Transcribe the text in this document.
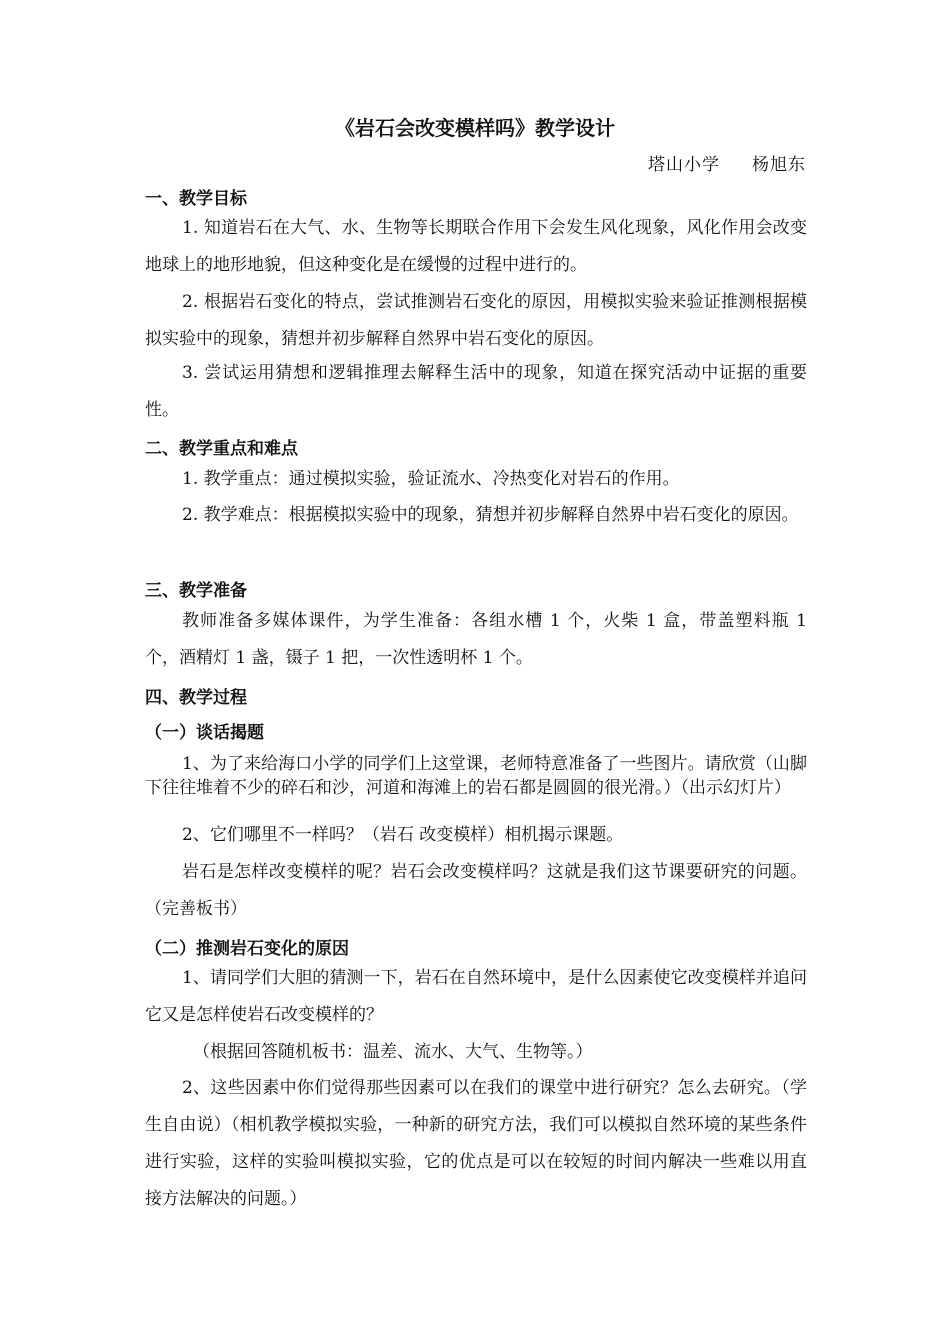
《岩石会改变模样吗》教学设计
塔山小学 杨旭东
一、教学目标
1. 知道岩石在大气、水、生物等长期联合作用下会发生风化现象，风化作用会改变地球上的地形地貌，但这种变化是在缓慢的过程中进行的。
2. 根据岩石变化的特点，尝试推测岩石变化的原因，用模拟实验来验证推测根据模拟实验中的现象，猜想并初步解释自然界中岩石变化的原因。
3. 尝试运用猜想和逻辑推理去解释生活中的现象，知道在探究活动中证据的重要性。
二、教学重点和难点
1. 教学重点：通过模拟实验，验证流水、冷热变化对岩石的作用。
2. 教学难点：根据模拟实验中的现象，猜想并初步解释自然界中岩石变化的原因。
三、教学准备
教师准备多媒体课件，为学生准备：各组水槽 1 个，火柴 1 盒，带盖塑料瓶 1 个，酒精灯 1 盏，镊子 1 把，一次性透明杯 1 个。
四、教学过程
（一）谈话揭题
1、为了来给海口小学的同学们上这堂课，老师特意准备了一些图片。请欣赏（山脚下往往堆着不少的碎石和沙，河道和海滩上的岩石都是圆圆的很光滑。）（出示幻灯片）
2、它们哪里不一样吗？（岩石 改变模样）相机揭示课题。
岩石是怎样改变模样的呢？岩石会改变模样吗？这就是我们这节课要研究的问题。（完善板书）
（二）推测岩石变化的原因
1、请同学们大胆的猜测一下，岩石在自然环境中，是什么因素使它改变模样并追问它又是怎样使岩石改变模样的？
（根据回答随机板书：温差、流水、大气、生物等。）
2、这些因素中你们觉得那些因素可以在我们的课堂中进行研究？怎么去研究。（学生自由说）（相机教学模拟实验，一种新的研究方法，我们可以模拟自然环境的某些条件进行实验，这样的实验叫模拟实验，它的优点是可以在较短的时间内解决一些难以用直接方法解决的问题。）
